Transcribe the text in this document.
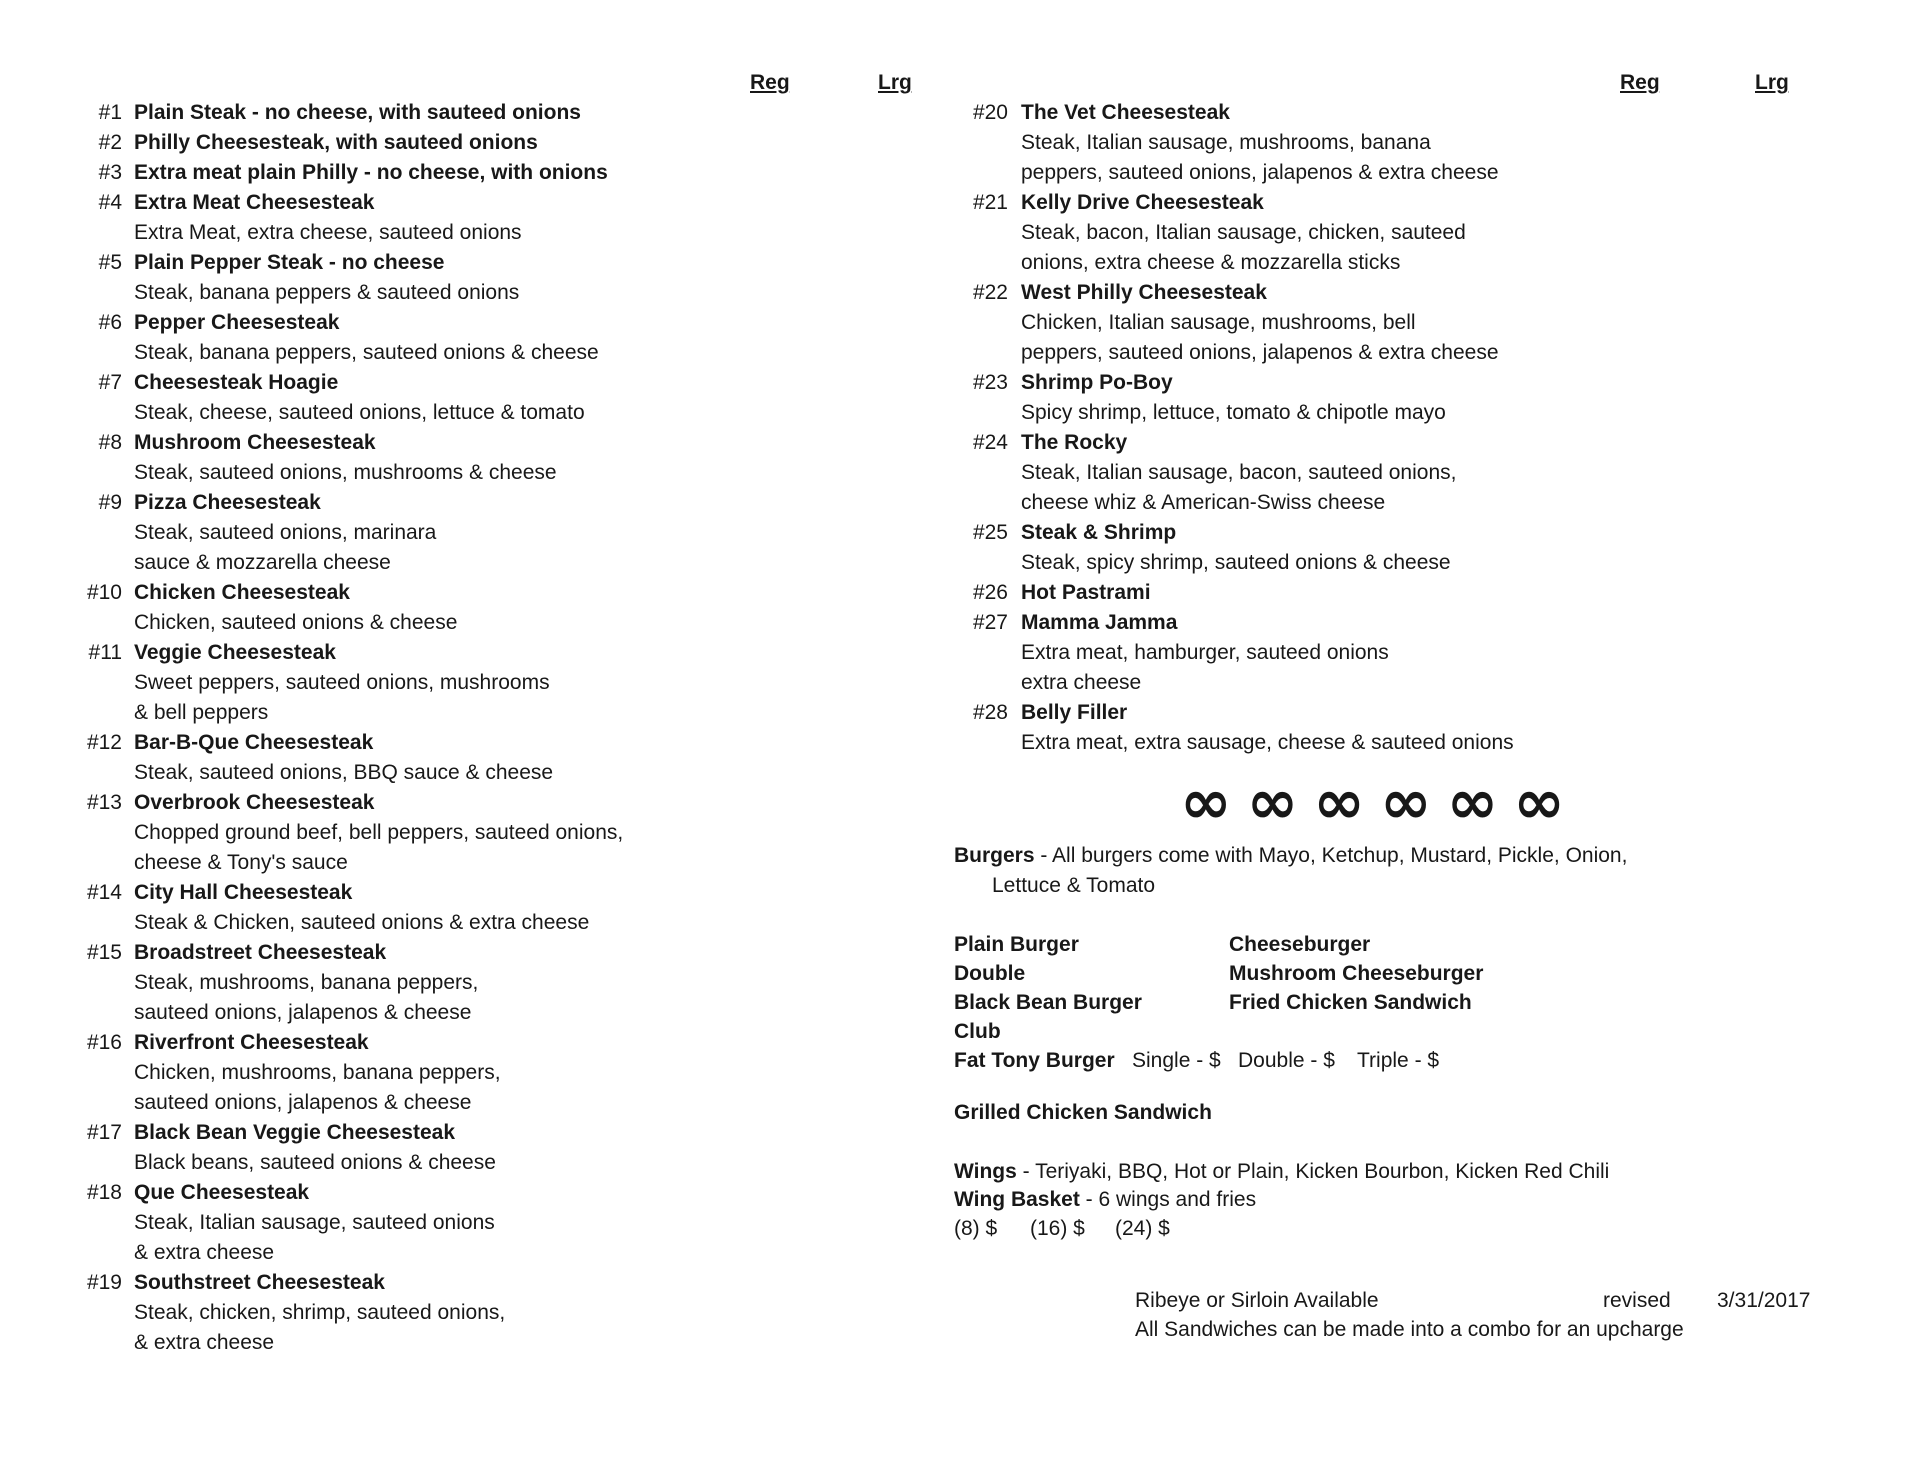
Reg	Lrg	Reg	Lrg
#1 Plain Steak - no cheese, with sauteed onions
#2 Philly Cheesesteak, with sauteed onions
#3 Extra meat plain Philly - no cheese, with onions
#4 Extra Meat Cheesesteak
Extra Meat, extra cheese, sauteed onions
#5 Plain Pepper Steak - no cheese
Steak, banana peppers & sauteed onions
#6 Pepper Cheesesteak
Steak, banana peppers, sauteed onions & cheese
#7 Cheesesteak Hoagie
Steak, cheese, sauteed onions, lettuce & tomato
#8 Mushroom Cheesesteak
Steak, sauteed onions, mushrooms & cheese
#9 Pizza Cheesesteak
Steak, sauteed onions, marinara
sauce & mozzarella cheese
#10 Chicken Cheesesteak
Chicken, sauteed onions & cheese
#11 Veggie Cheesesteak
Sweet peppers, sauteed onions, mushrooms
& bell peppers
#12 Bar-B-Que Cheesesteak
Steak, sauteed onions, BBQ sauce & cheese
#13 Overbrook Cheesesteak
Chopped ground beef, bell peppers, sauteed onions,
cheese & Tony's sauce
#14 City Hall Cheesesteak
Steak & Chicken, sauteed onions & extra cheese
#15 Broadstreet Cheesesteak
Steak, mushrooms, banana peppers,
sauteed onions, jalapenos & cheese
#16 Riverfront Cheesesteak
Chicken, mushrooms, banana peppers,
sauteed onions, jalapenos & cheese
#17 Black Bean Veggie Cheesesteak
Black beans, sauteed onions & cheese
#18 Que Cheesesteak
Steak, Italian sausage, sauteed onions
& extra cheese
#19 Southstreet Cheesesteak
Steak, chicken, shrimp, sauteed onions,
& extra cheese
#20 The Vet Cheesesteak
Steak, Italian sausage, mushrooms, banana
peppers, sauteed onions, jalapenos & extra cheese
#21 Kelly Drive Cheesesteak
Steak, bacon, Italian sausage, chicken, sauteed
onions, extra cheese & mozzarella sticks
#22 West Philly Cheesesteak
Chicken, Italian sausage, mushrooms, bell
peppers, sauteed onions, jalapenos & extra cheese
#23 Shrimp Po-Boy
Spicy shrimp, lettuce, tomato & chipotle mayo
#24 The Rocky
Steak, Italian sausage, bacon, sauteed onions,
cheese whiz & American-Swiss cheese
#25 Steak & Shrimp
Steak, spicy shrimp, sauteed onions & cheese
#26 Hot Pastrami
#27 Mamma Jamma
Extra meat, hamburger, sauteed onions
extra cheese
#28 Belly Filler
Extra meat, extra sausage, cheese & sauteed onions
∞∞∞∞∞∞
Burgers - All burgers come with Mayo, Ketchup, Mustard, Pickle, Onion,
Lettuce & Tomato
Plain Burger	Cheeseburger
Double	Mushroom Cheeseburger
Black Bean Burger	Fried Chicken Sandwich
Club
Fat Tony Burger Single - $ Double - $	Triple - $
Grilled Chicken Sandwich
Wings - Teriyaki, BBQ, Hot or Plain, Kicken Bourbon, Kicken Red Chili
Wing Basket - 6 wings and fries
(8) $ (16) $ (24) $
Ribeye or Sirloin Available	revised 3/31/2017
All Sandwiches can be made into a combo for an upcharge
